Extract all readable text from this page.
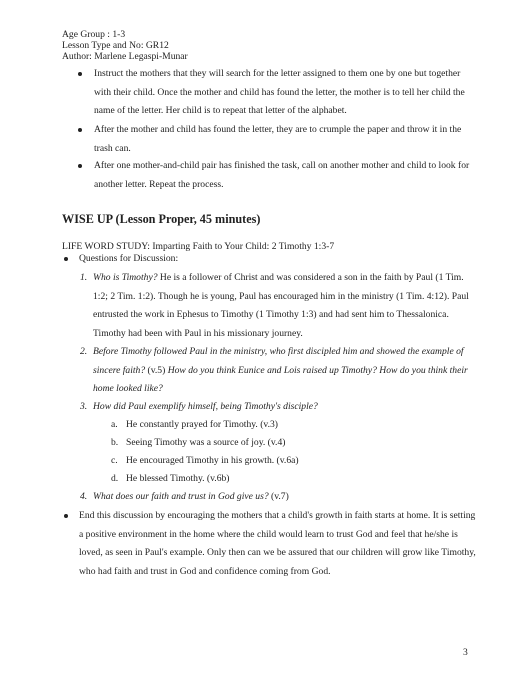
Age Group : 1-3
Lesson Type and No: GR12
Author: Marlene Legaspi-Munar
Instruct the mothers that they will search for the letter assigned to them one by one but together with their child. Once the mother and child has found the letter, the mother is to tell her child the name of the letter. Her child is to repeat that letter of the alphabet.
After the mother and child has found the letter, they are to crumple the paper and throw it in the trash can.
After one mother-and-child pair has finished the task, call on another mother and child to look for another letter. Repeat the process.
WISE UP (Lesson Proper, 45 minutes)
LIFE WORD STUDY: Imparting Faith to Your Child: 2 Timothy 1:3-7
Questions for Discussion:
1. Who is Timothy? He is a follower of Christ and was considered a son in the faith by Paul (1 Tim. 1:2; 2 Tim. 1:2). Though he is young, Paul has encouraged him in the ministry (1 Tim. 4:12). Paul entrusted the work in Ephesus to Timothy (1 Timothy 1:3) and had sent him to Thessalonica. Timothy had been with Paul in his missionary journey.
2. Before Timothy followed Paul in the ministry, who first discipled him and showed the example of sincere faith? (v.5) How do you think Eunice and Lois raised up Timothy? How do you think their home looked like?
3. How did Paul exemplify himself, being Timothy's disciple?
a. He constantly prayed for Timothy. (v.3)
b. Seeing Timothy was a source of joy. (v.4)
c. He encouraged Timothy in his growth. (v.6a)
d. He blessed Timothy. (v.6b)
4. What does our faith and trust in God give us? (v.7)
End this discussion by encouraging the mothers that a child's growth in faith starts at home. It is setting a positive environment in the home where the child would learn to trust God and feel that he/she is loved, as seen in Paul's example. Only then can we be assured that our children will grow like Timothy, who had faith and trust in God and confidence coming from God.
3
